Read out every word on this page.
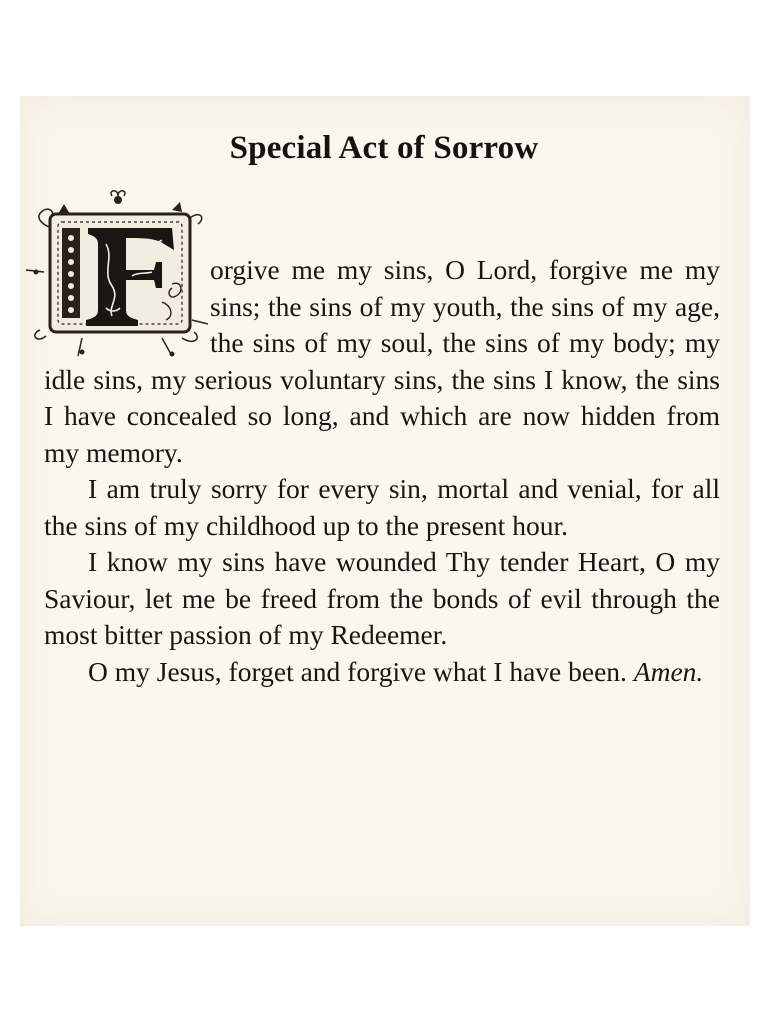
Special Act of Sorrow

orgive me my sins, O Lord, forgive me my sins; the sins of my youth, the sins of my age, the sins of my soul, the sins of my body; my idle sins, my serious voluntary sins, the sins I know, the sins I have concealed so long, and which are now hidden from my memory.

I am truly sorry for every sin, mortal and venial, for all the sins of my childhood up to the present hour.

I know my sins have wounded Thy tender Heart, O my Saviour, let me be freed from the bonds of evil through the most bitter passion of my Redeemer.

O my Jesus, forget and forgive what I have been. Amen.
